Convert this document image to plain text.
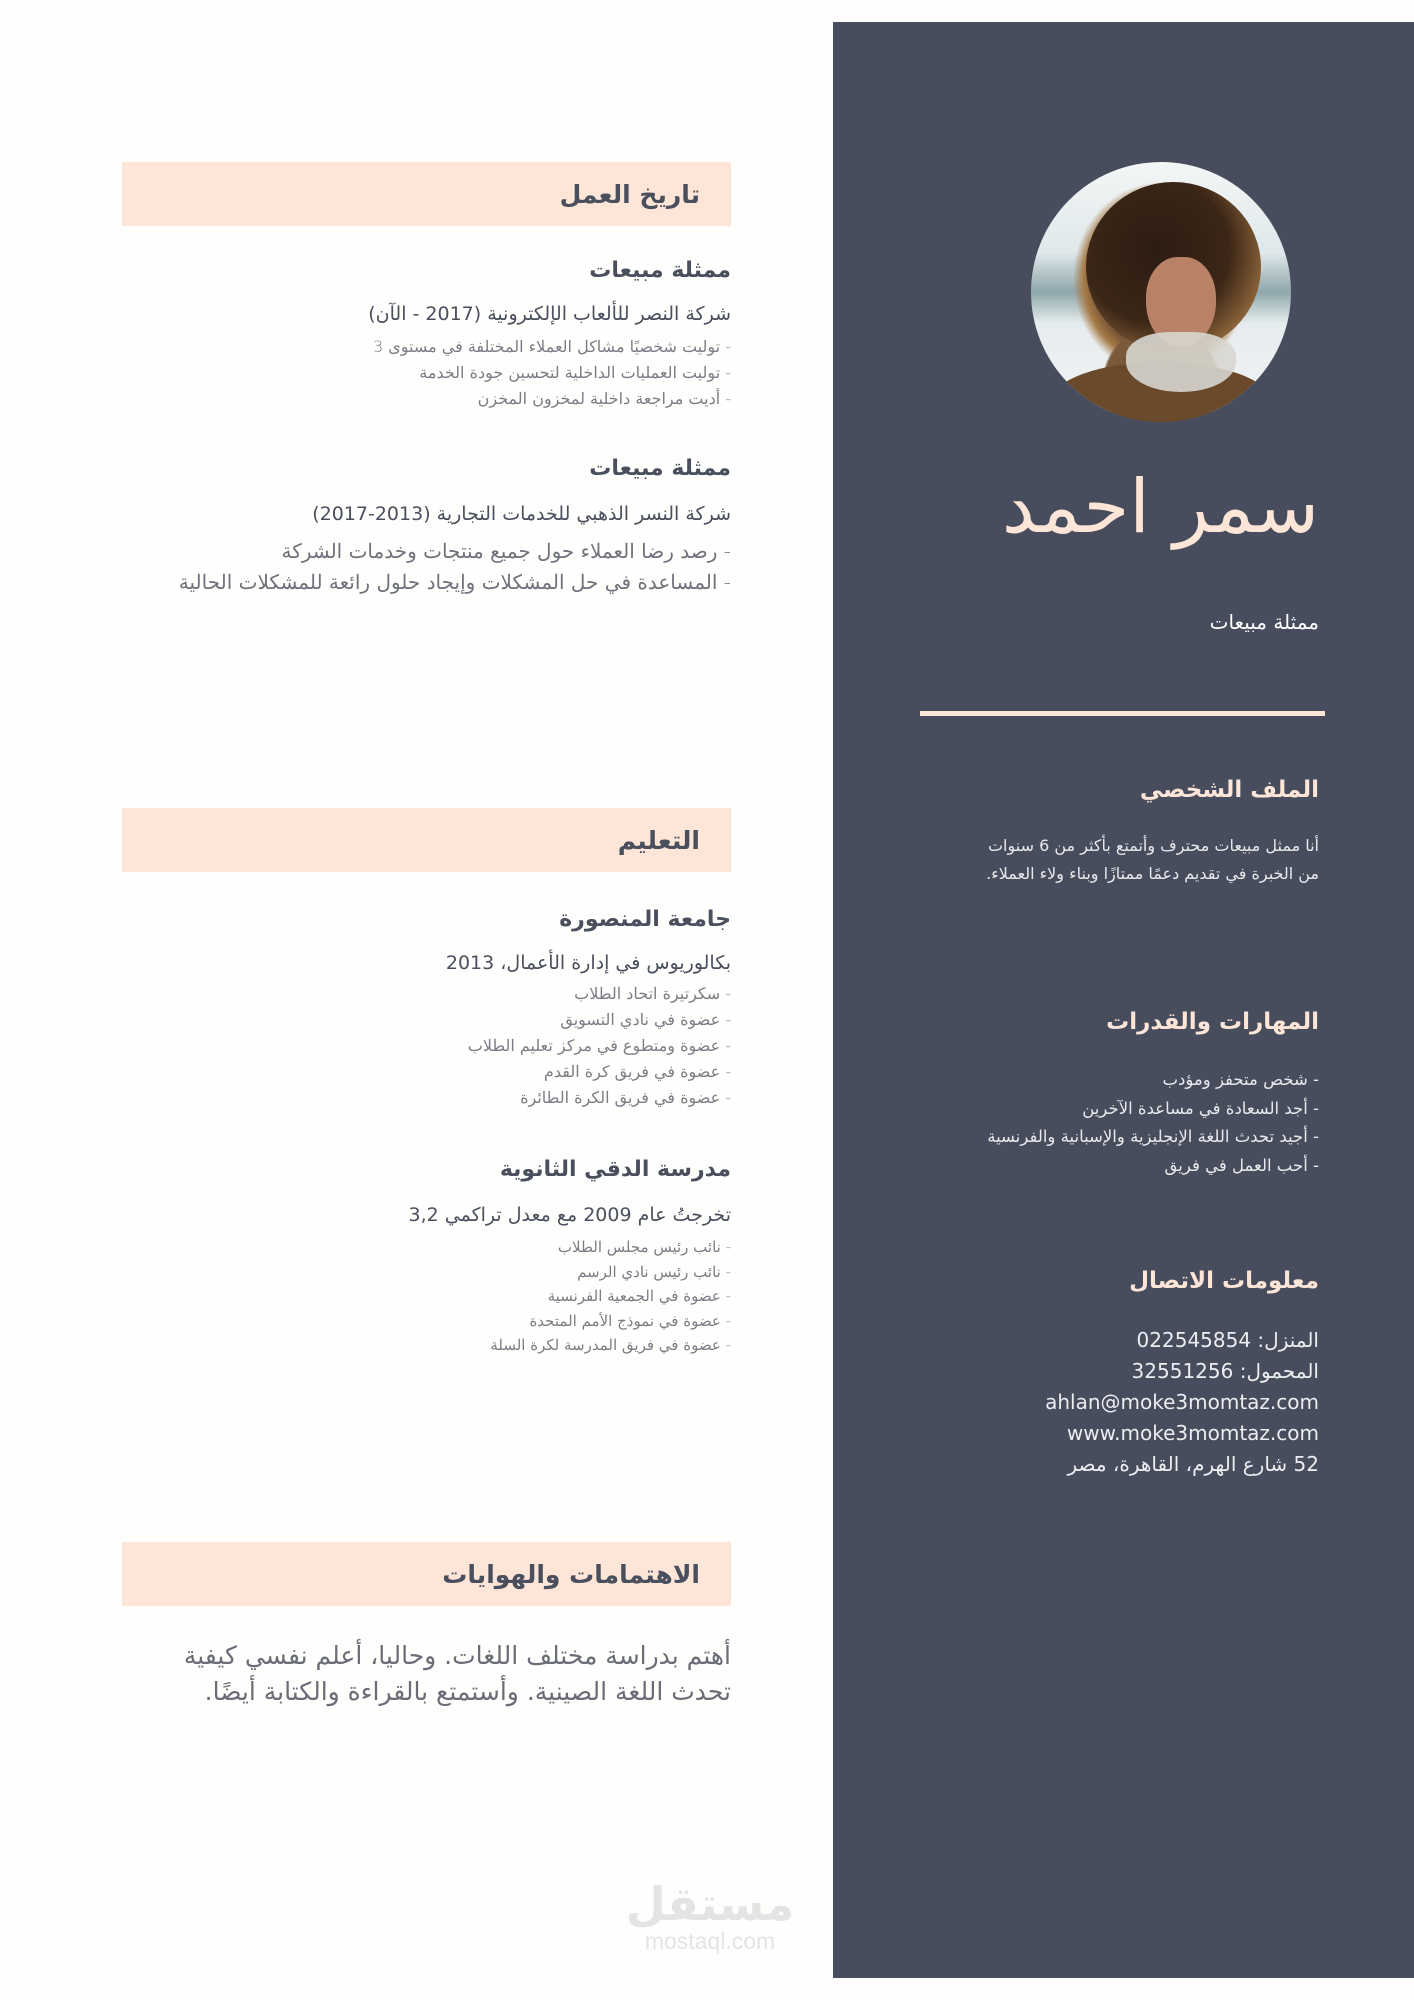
تاريخ العمل
ممثلة مبيعات
شركة النصر للألعاب الإلكترونية (2017 - الآن)
- توليت شخصيًا مشاكل العملاء المختلفة في مستوى 3
- توليت العمليات الداخلية لتحسين جودة الخدمة
- أديت مراجعة داخلية لمخزون المخزن
ممثلة مبيعات
شركة النسر الذهبي للخدمات التجارية (2013-2017)
- رصد رضا العملاء حول جميع منتجات وخدمات الشركة
- المساعدة في حل المشكلات وإيجاد حلول رائعة للمشكلات الحالية
التعليم
جامعة المنصورة
بكالوريوس في إدارة الأعمال، 2013
- سكرتيرة اتحاد الطلاب
- عضوة في نادي التسويق
- عضوة ومتطوع في مركز تعليم الطلاب
- عضوة في فريق كرة القدم
- عضوة في فريق الكرة الطائرة
مدرسة الدقي الثانوية
تخرجتُ عام 2009 مع معدل تراكمي 3,2
- نائب رئيس مجلس الطلاب
- نائب رئيس نادي الرسم
- عضوة في الجمعية الفرنسية
- عضوة في نموذج الأمم المتحدة
- عضوة في فريق المدرسة لكرة السلة
الاهتمامات والهوايات
أهتم بدراسة مختلف اللغات. وحاليا، أعلم نفسي كيفية
تحدث اللغة الصينية. وأستمتع بالقراءة والكتابة أيضًا.
سمر احمد
ممثلة مبيعات
الملف الشخصي
أنا ممثل مبيعات محترف وأتمتع بأكثر من 6 سنوات
من الخبرة في تقديم دعمًا ممتازًا وبناء ولاء العملاء.
المهارات والقدرات
- شخص متحفز ومؤدب
- أجد السعادة في مساعدة الآخرين
- أجيد تحدث اللغة الإنجليزية والإسبانية والفرنسية
- أحب العمل في فريق
معلومات الاتصال
المنزل: 022545854
المحمول: 32551256
ahlan@moke3momtaz.com
www.moke3momtaz.com
52 شارع الهرم، القاهرة، مصر
مستقل
mostaql.com
